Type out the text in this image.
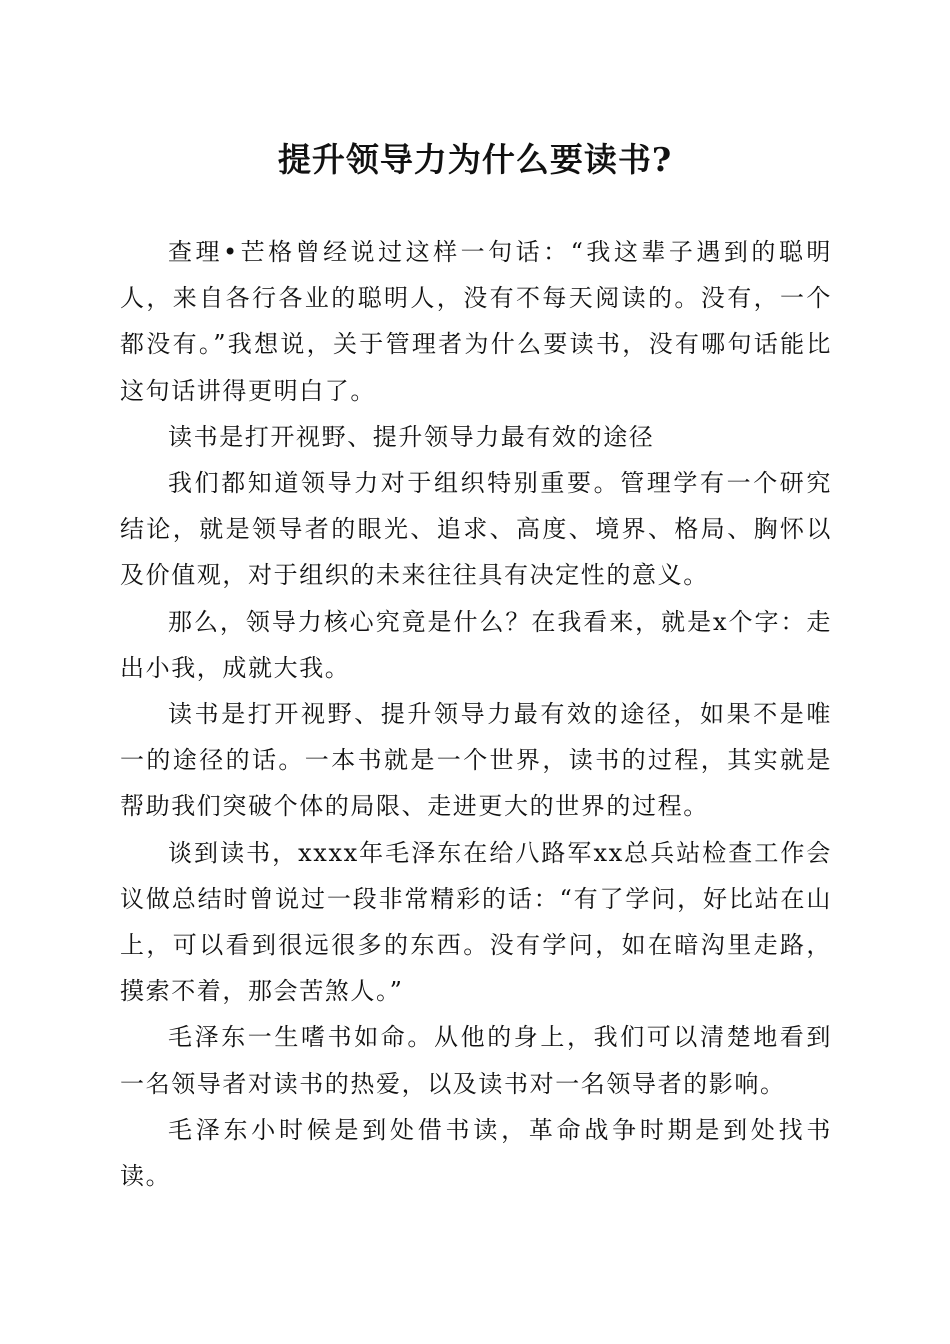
提升领导力为什么要读书?

查理•芒格曾经说过这样一句话：“我这辈子遇到的聪明人，来自各行各业的聪明人，没有不每天阅读的。没有，一个都没有。”我想说，关于管理者为什么要读书，没有哪句话能比这句话讲得更明白了。

读书是打开视野、提升领导力最有效的途径

我们都知道领导力对于组织特别重要。管理学有一个研究结论，就是领导者的眼光、追求、高度、境界、格局、胸怀以及价值观，对于组织的未来往往具有决定性的意义。

那么，领导力核心究竟是什么？在我看来，就是x个字：走出小我，成就大我。

读书是打开视野、提升领导力最有效的途径，如果不是唯一的途径的话。一本书就是一个世界，读书的过程，其实就是帮助我们突破个体的局限、走进更大的世界的过程。

谈到读书，xxxx年毛泽东在给八路军xx总兵站检查工作会议做总结时曾说过一段非常精彩的话：“有了学问，好比站在山上，可以看到很远很多的东西。没有学问，如在暗沟里走路，摸索不着，那会苦煞人。”

毛泽东一生嗜书如命。从他的身上，我们可以清楚地看到一名领导者对读书的热爱，以及读书对一名领导者的影响。

毛泽东小时候是到处借书读，革命战争时期是到处找书读。
